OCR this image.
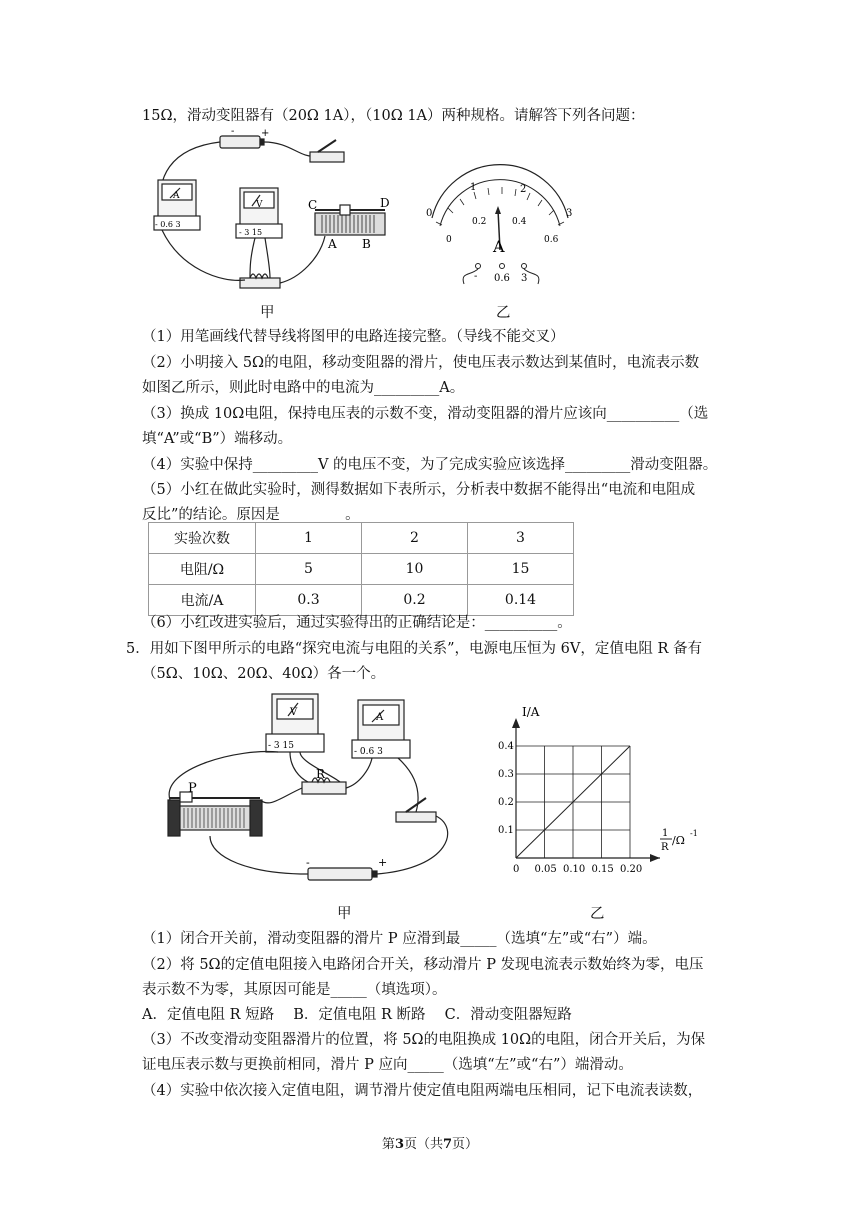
15Ω，滑动变阻器有（20Ω 1A），（10Ω 1A）两种规格。请解答下列各问题：
-	+
A
- 0.6 3
V
- 3 15
C	D
A B
0
1	2
3
0
0.2	0.4
0.6
A
- 0.6 3
甲	乙
（1）用笔画线代替导线将图甲的电路连接完整。（导线不能交叉）
（2）小明接入 5Ω的电阻，移动变阻器的滑片，使电压表示数达到某值时，电流表示数
如图乙所示，则此时电路中的电流为_________A。
（3）换成 10Ω电阻，保持电压表的示数不变，滑动变阻器的滑片应该向__________（选
填“A”或“B”）端移动。
（4）实验中保持_________V 的电压不变，为了完成实验应该选择_________滑动变阻器。
（5）小红在做此实验时，测得数据如下表所示，分析表中数据不能得出“电流和电阻成
反比”的结论。原因是_________。
实验次数	1	2	3
电阻/Ω	5	10	15
电流/A	0.3	0.2	0.14
（6）小红改进实验后，通过实验得出的正确结论是：__________。
5．用如下图甲所示的电路“探究电流与电阻的关系”，电源电压恒为 6V，定值电阻 R 备有
（5Ω、10Ω、20Ω、40Ω）各一个。
P
R
V
- 3 15
A
- 0.6 3
-	+
0 0.05 0.10 0.15 0.20
0.1
0.2
0.3
0.4
I/A
1
R
/Ω
-1
甲	乙
（1）闭合开关前，滑动变阻器的滑片 P 应滑到最_____（选填“左”或“右”）端。
（2）将 5Ω的定值电阻接入电路闭合开关，移动滑片 P 发现电流表示数始终为零，电压
表示数不为零，其原因可能是_____（填选项）。
A．定值电阻 R 短路　 B．定值电阻 R 断路　 C．滑动变阻器短路
（3）不改变滑动变阻器滑片的位置，将 5Ω的电阻换成 10Ω的电阻，闭合开关后，为保
证电压表示数与更换前相同，滑片 P 应向_____（选填“左”或“右”）端滑动。
（4）实验中依次接入定值电阻，调节滑片使定值电阻两端电压相同，记下电流表读数，
第3页（共7页）
